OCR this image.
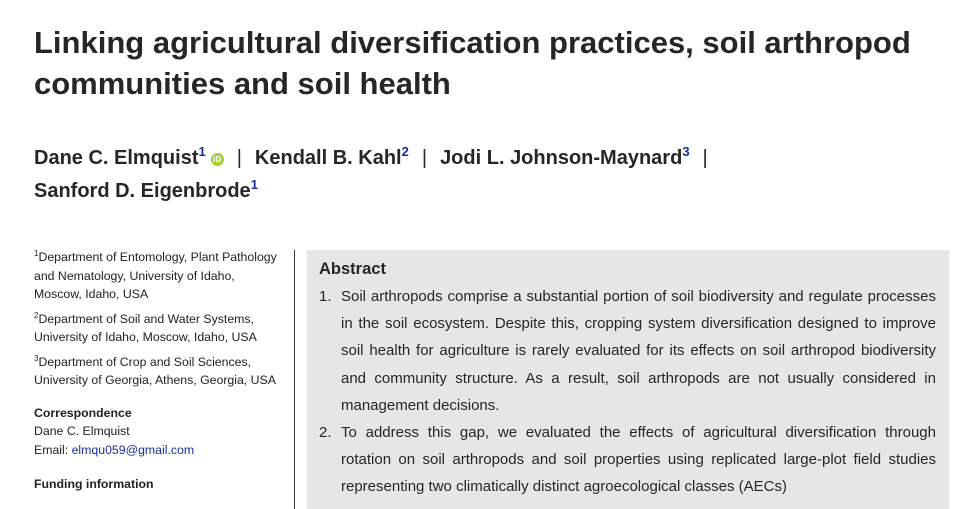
Linking agricultural diversification practices, soil arthropod communities and soil health
Dane C. Elmquist$^1$iD | Kendall B. Kahl$^2$ | Jodi L. Johnson-Maynard$^3$ |
Sanford D. Eigenbrode$^1$
$^1$Department of Entomology, Plant Pathology and Nematology, University of Idaho, Moscow, Idaho, USA
$^2$Department of Soil and Water Systems, University of Idaho, Moscow, Idaho, USA
$^3$Department of Crop and Soil Sciences, University of Georgia, Athens, Georgia, USA
Correspondence
Dane C. Elmquist
Email: elmqu059@gmail.com
Funding information
Abstract
1. Soil arthropods comprise a substantial portion of soil biodiversity and regulate processes in the soil ecosystem. Despite this, cropping system diversification designed to improve soil health for agriculture is rarely evaluated for its effects on soil arthropod biodiversity and community structure. As a result, soil arthropods are not usually considered in management decisions.
2. To address this gap, we evaluated the effects of agricultural diversification through rotation on soil arthropods and soil properties using replicated large-plot field studies representing two climatically distinct agroecological classes (AECs)
